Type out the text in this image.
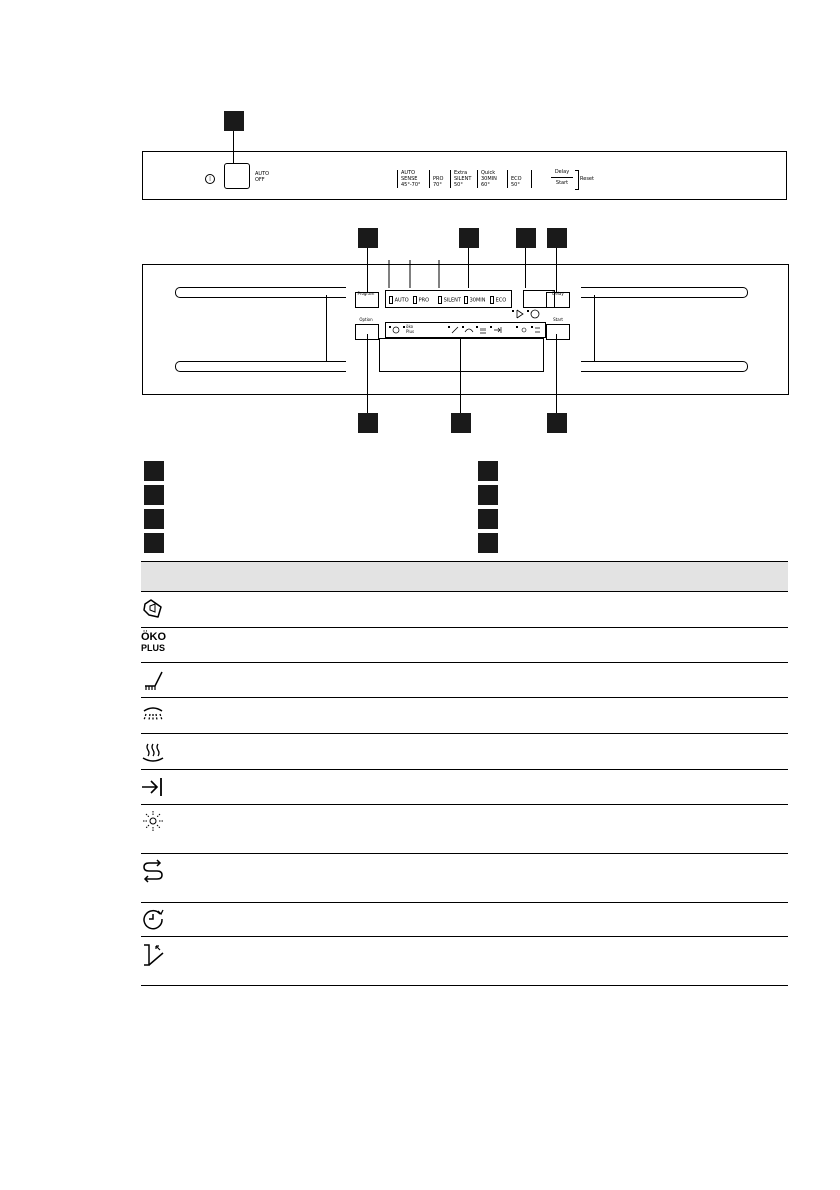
|
AUTO
OFF
AUTO
SENSE
45°-70°
PRO
70°
Extra
SILENT
50°
Quick
30MIN
60°
ECO
50°
Delay
Start
Reset
Program
Option
AUTO	PRO	SILENT	30MIN	ECO
Delay
Start
öko
Plus
ÖKO
PLUS
